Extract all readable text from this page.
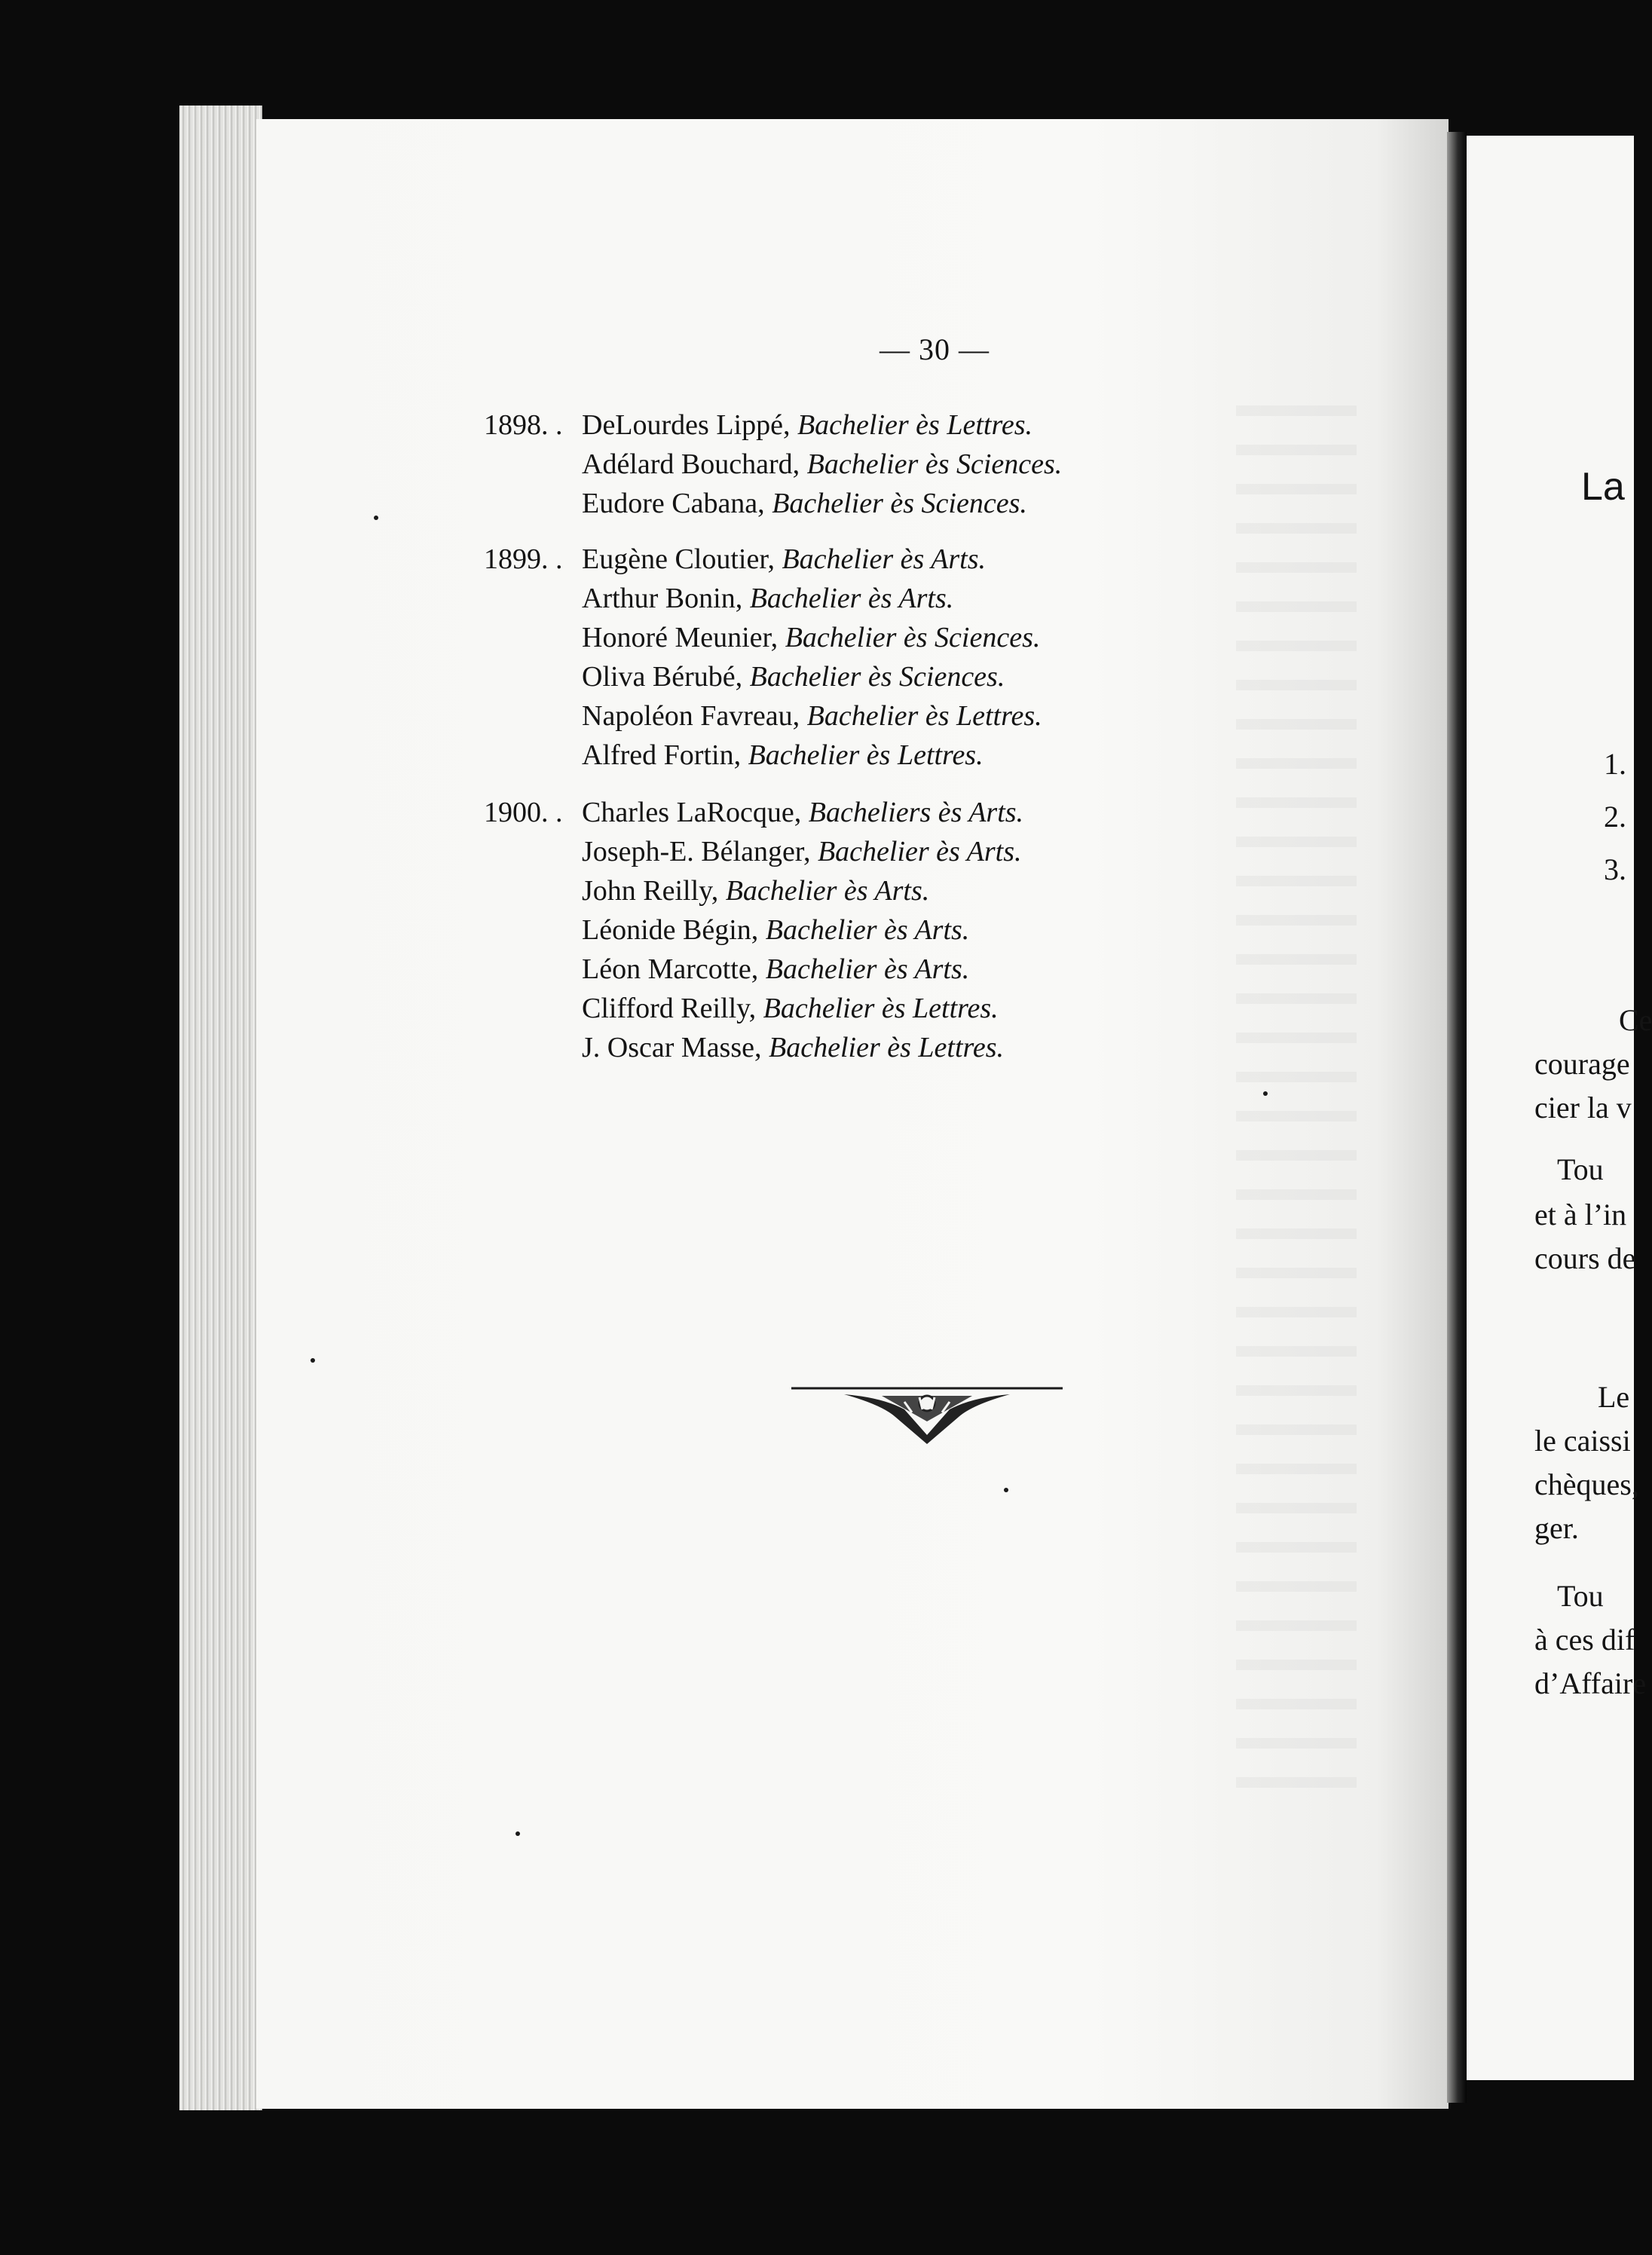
— 30 —
1898. . DeLourdes Lippé, Bachelier ès Lettres.
Adélard Bouchard, Bachelier ès Sciences.
Eudore Cabana, Bachelier ès Sciences.
1899. . Eugène Cloutier, Bachelier ès Arts.
Arthur Bonin, Bachelier ès Arts.
Honoré Meunier, Bachelier ès Sciences.
Oliva Bérubé, Bachelier ès Sciences.
Napoléon Favreau, Bachelier ès Lettres.
Alfred Fortin, Bachelier ès Lettres.
1900. . Charles LaRocque, Bacheliers ès Arts.
Joseph-E. Bélanger, Bachelier ès Arts.
John Reilly, Bachelier ès Arts.
Léonide Bégin, Bachelier ès Arts.
Léon Marcotte, Bachelier ès Arts.
Clifford Reilly, Bachelier ès Lettres.
J. Oscar Masse, Bachelier ès Lettres.
La
1.
2.
3.
Ce
courage
cier la v
Tou
et à l’in
cours de
Le
le caissi
chèques,
ger.
Tou
à ces dif
d’Affaire
